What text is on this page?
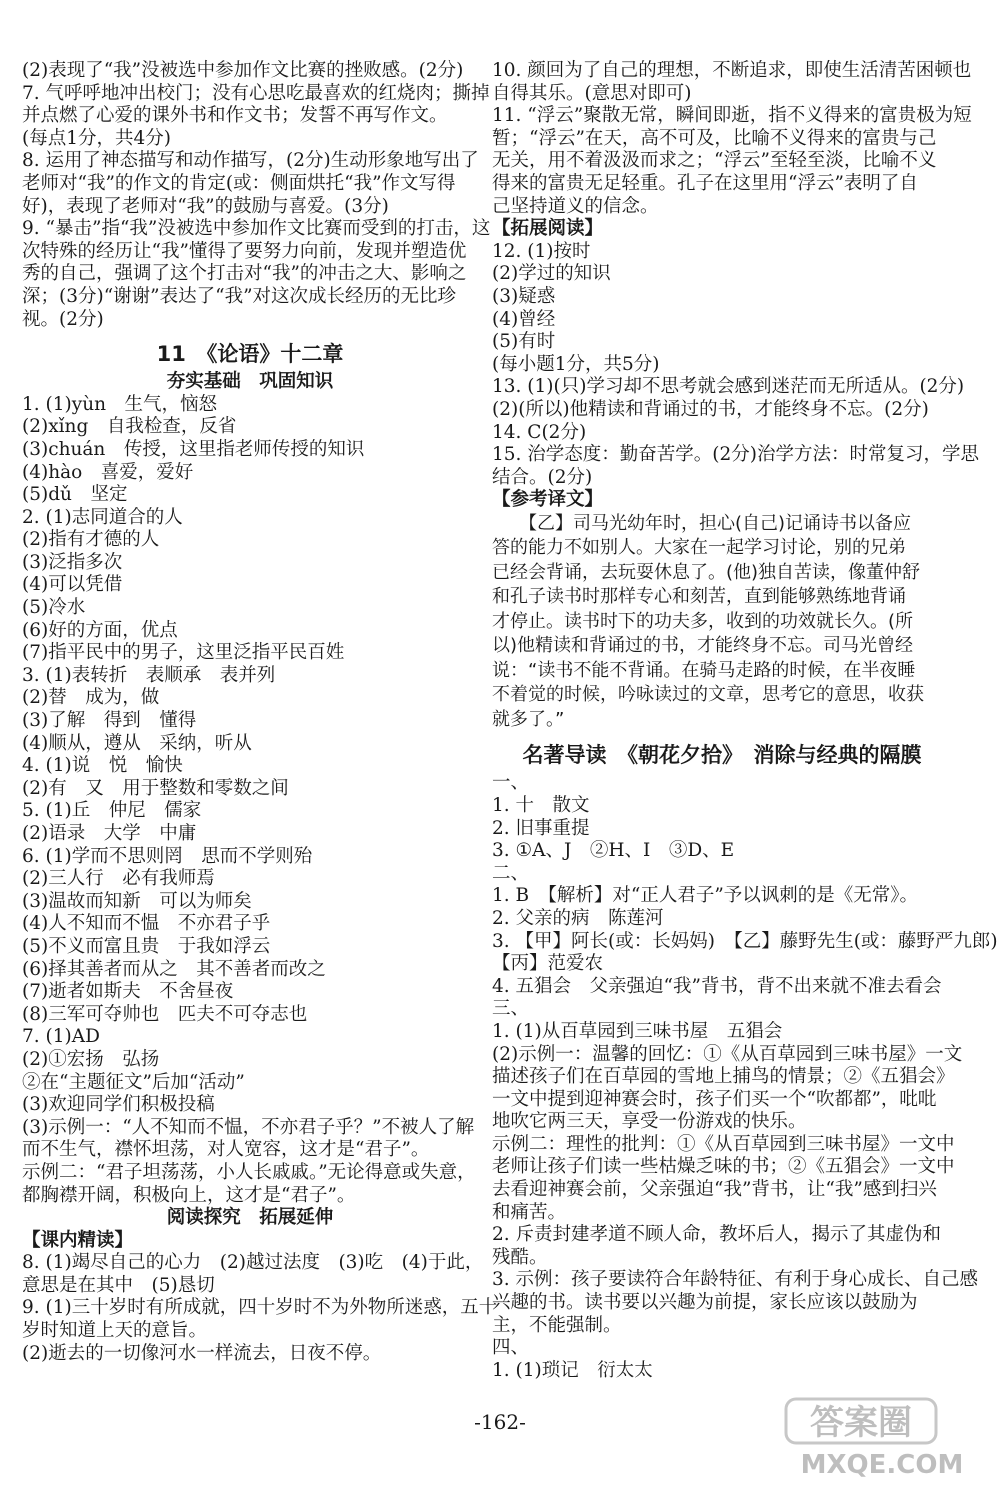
(2)表现了“我”没被选中参加作文比赛的挫败感。(2分)
7. 气呼呼地冲出校门；没有心思吃最喜欢的红烧肉；撕掉
并点燃了心爱的课外书和作文书；发誓不再写作文。
(每点1分，共4分)
8. 运用了神态描写和动作描写，(2分)生动形象地写出了
老师对“我”的作文的肯定(或：侧面烘托“我”作文写得
好)，表现了老师对“我”的鼓励与喜爱。(3分)
9. “暴击”指“我”没被选中参加作文比赛而受到的打击，这
次特殊的经历让“我”懂得了要努力向前，发现并塑造优
秀的自己，强调了这个打击对“我”的冲击之大、影响之
深；(3分)“谢谢”表达了“我”对这次成长经历的无比珍
视。(2分)
11　《论语》十二章
夯实基础　巩固知识
1. (1)yùn　生气，恼怒
(2)xǐng　自我检查，反省
(3)chuán　传授，这里指老师传授的知识
(4)hào　喜爱，爱好
(5)dǔ　坚定
2. (1)志同道合的人
(2)指有才德的人
(3)泛指多次
(4)可以凭借
(5)冷水
(6)好的方面，优点
(7)指平民中的男子，这里泛指平民百姓
3. (1)表转折　表顺承　表并列
(2)替　成为，做
(3)了解　得到　懂得
(4)顺从，遵从　采纳，听从
4. (1)说　悦　愉快
(2)有　又　用于整数和零数之间
5. (1)丘　仲尼　儒家
(2)语录　大学　中庸
6. (1)学而不思则罔　思而不学则殆
(2)三人行　必有我师焉
(3)温故而知新　可以为师矣
(4)人不知而不愠　不亦君子乎
(5)不义而富且贵　于我如浮云
(6)择其善者而从之　其不善者而改之
(7)逝者如斯夫　不舍昼夜
(8)三军可夺帅也　匹夫不可夺志也
7. (1)AD
(2)①宏扬　弘扬
②在“主题征文”后加“活动”
(3)欢迎同学们积极投稿
(3)示例一：“人不知而不愠，不亦君子乎？”不被人了解
而不生气，襟怀坦荡，对人宽容，这才是“君子”。
示例二：“君子坦荡荡，小人长戚戚。”无论得意或失意，
都胸襟开阔，积极向上，这才是“君子”。
阅读探究　拓展延伸
【课内精读】
8. (1)竭尽自己的心力　(2)越过法度　(3)吃　(4)于此，
意思是在其中　(5)恳切
9. (1)三十岁时有所成就，四十岁时不为外物所迷惑，五十
岁时知道上天的意旨。
(2)逝去的一切像河水一样流去，日夜不停。
10. 颜回为了自己的理想，不断追求，即使生活清苦困顿也
自得其乐。(意思对即可)
11. “浮云”聚散无常，瞬间即逝，指不义得来的富贵极为短
暂；“浮云”在天，高不可及，比喻不义得来的富贵与己
无关，用不着汲汲而求之；“浮云”至轻至淡，比喻不义
得来的富贵无足轻重。孔子在这里用“浮云”表明了自
己坚持道义的信念。
【拓展阅读】
12. (1)按时
(2)学过的知识
(3)疑惑
(4)曾经
(5)有时
(每小题1分，共5分)
13. (1)(只)学习却不思考就会感到迷茫而无所适从。(2分)
(2)(所以)他精读和背诵过的书，才能终身不忘。(2分)
14. C(2分)
15. 治学态度：勤奋苦学。(2分)治学方法：时常复习，学思
结合。(2分)
【参考译文】
　　【乙】司马光幼年时，担心(自己)记诵诗书以备应
答的能力不如别人。大家在一起学习讨论，别的兄弟
已经会背诵，去玩耍休息了。(他)独自苦读，像董仲舒
和孔子读书时那样专心和刻苦，直到能够熟练地背诵
才停止。读书时下的功夫多，收到的功效就长久。(所
以)他精读和背诵过的书，才能终身不忘。司马光曾经
说：“读书不能不背诵。在骑马走路的时候，在半夜睡
不着觉的时候，吟咏读过的文章，思考它的意思，收获
就多了。”
名著导读　《朝花夕拾》　消除与经典的隔膜
一、
1. 十　散文
2. 旧事重提
3. ①A、J　②H、I　③D、E
二、
1. B　【解析】对“正人君子”予以讽刺的是《无常》。
2. 父亲的病　陈莲河
3. 【甲】阿长(或：长妈妈)　【乙】藤野先生(或：藤野严九郎)
【丙】范爱农
4. 五猖会　父亲强迫“我”背书，背不出来就不准去看会
三、
1. (1)从百草园到三味书屋　五猖会
(2)示例一：温馨的回忆：①《从百草园到三味书屋》一文
描述孩子们在百草园的雪地上捕鸟的情景；②《五猖会》
一文中提到迎神赛会时，孩子们买一个“吹都都”，吡吡
地吹它两三天，享受一份游戏的快乐。
示例二：理性的批判：①《从百草园到三味书屋》一文中
老师让孩子们读一些枯燥乏味的书；②《五猖会》一文中
去看迎神赛会前，父亲强迫“我”背书，让“我”感到扫兴
和痛苦。
2. 斥责封建孝道不顾人命，教坏后人，揭示了其虚伪和
残酷。
3. 示例：孩子要读符合年龄特征、有利于身心成长、自己感
兴趣的书。读书要以兴趣为前提，家长应该以鼓励为
主，不能强制。
四、
1. (1)琐记　衍太太
-162-	答案圈
MXQE.COM
